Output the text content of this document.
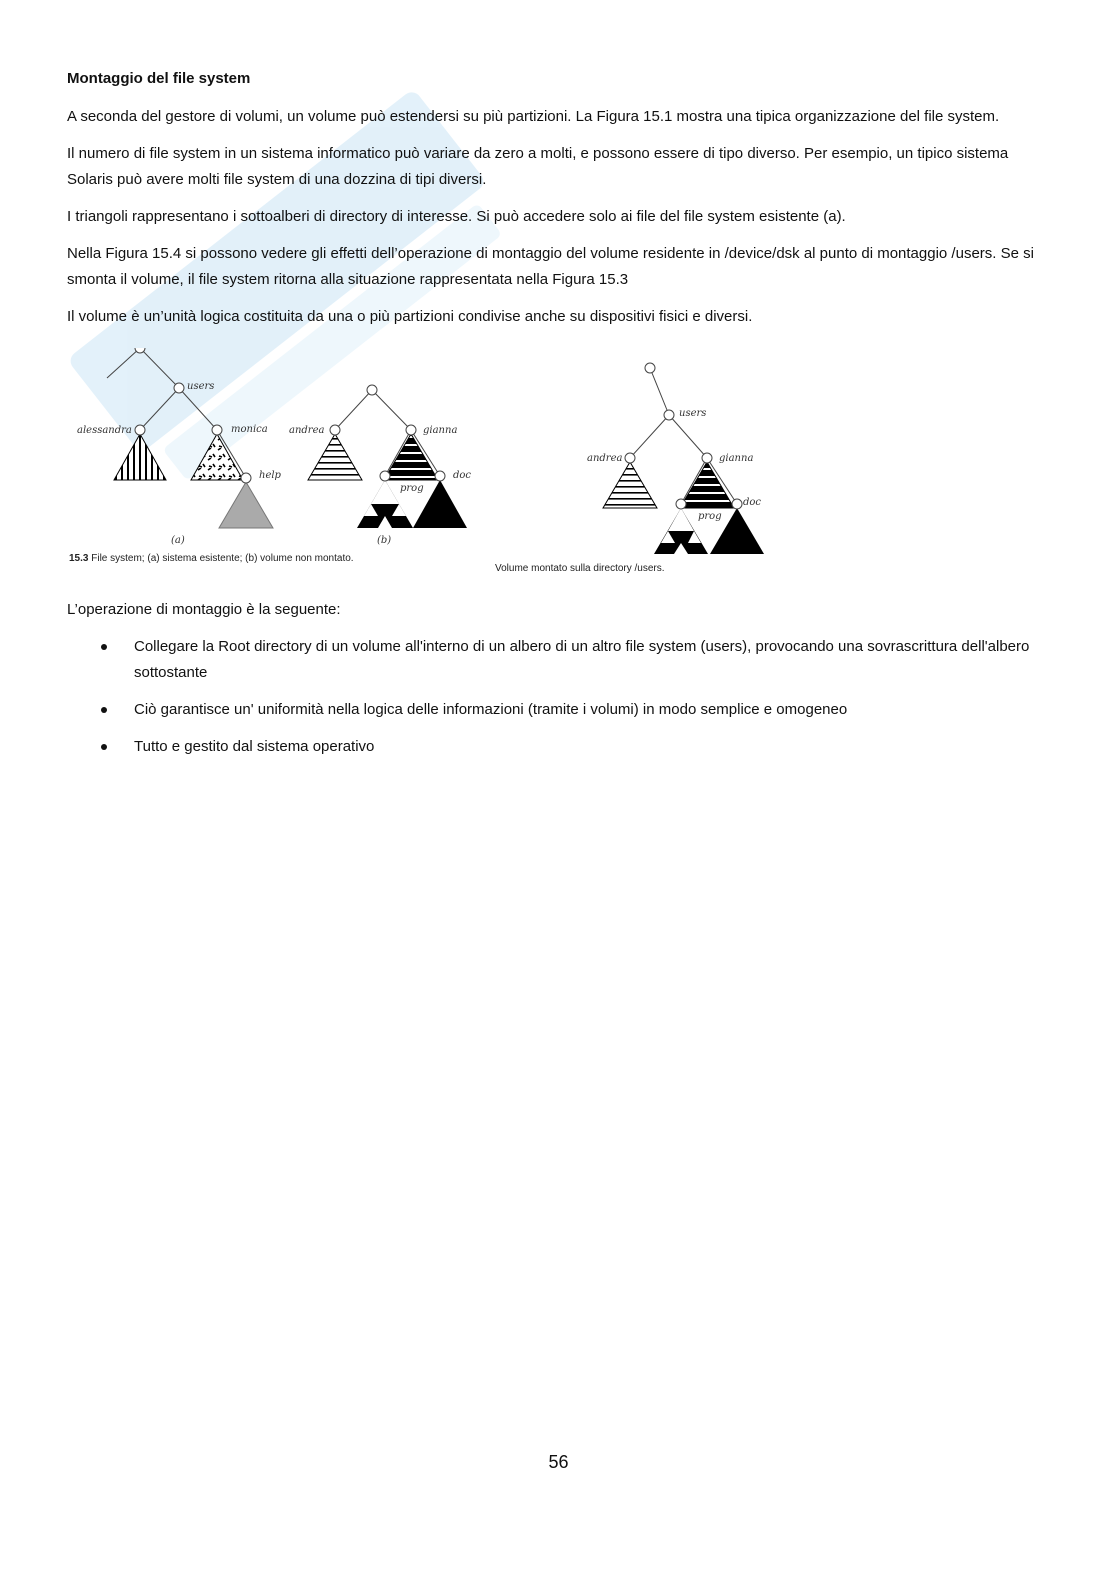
Montaggio del file system

A seconda del gestore di volumi, un volume può estendersi su più partizioni. La Figura 15.1 mostra una tipica organizzazione del file system.

Il numero di file system in un sistema informatico può variare da zero a molti, e possono essere di tipo diverso. Per esempio, un tipico sistema Solaris può avere molti file system di una dozzina di tipi diversi.

I triangoli rappresentano i sottoalberi di directory di interesse. Si può accedere solo ai file del file system esistente (a).

Nella Figura 15.4 si possono vedere gli effetti dell’operazione di montaggio del volume residente in /device/dsk al punto di montaggio /users. Se si smonta il volume, il file system ritorna alla situazione rappresentata nella Figura 15.3

Il volume è un’unità logica costituita da una o più partizioni condivise anche su dispositivi fisici e diversi.

users
alessandra	monica
help
(a)
andrea	gianna
prog
doc
(b)
users
andrea	gianna
prog
doc
15.3 File system; (a) sistema esistente; (b) volume non montato.
Volume montato sulla directory /users.

L’operazione di montaggio è la seguente:

Collegare la Root directory di un volume all'interno di un albero di un altro file system (users), provocando una sovrascrittura dell'albero sottostante
Ciò garantisce un' uniformità nella logica delle informazioni (tramite i volumi) in modo semplice e omogeneo
Tutto e gestito dal sistema operativo
56
